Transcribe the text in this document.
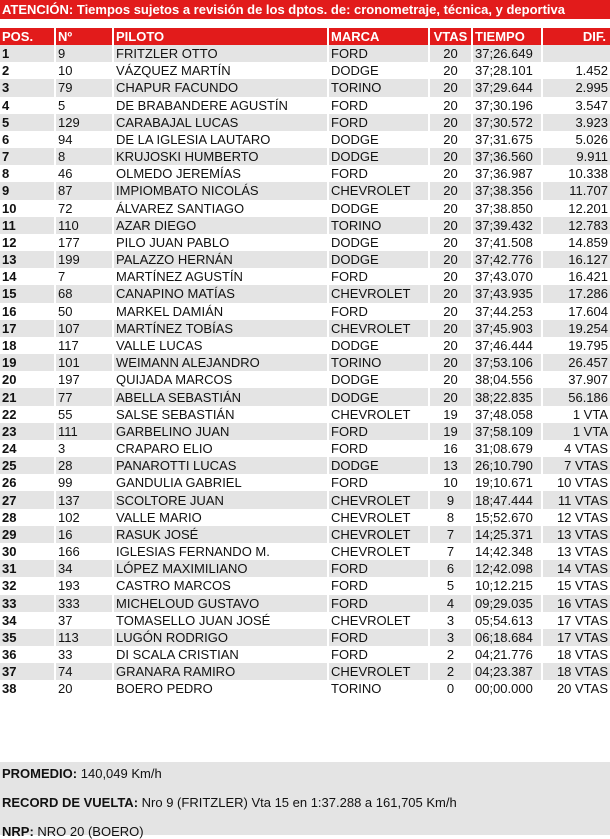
ATENCIÓN: Tiempos sujetos a revisión de los dptos. de: cronometraje, técnica, y deportiva
POS.	Nº	PILOTO	MARCA	VTAS	TIEMPO	DIF.
1	9	FRITZLER OTTO	FORD	20	37;26.649	
2	10	VÁZQUEZ MARTÍN	DODGE	20	37;28.101	1.452
3	79	CHAPUR FACUNDO	TORINO	20	37;29.644	2.995
4	5	DE BRABANDERE AGUSTÍN	FORD	20	37;30.196	3.547
5	129	CARABAJAL LUCAS	FORD	20	37;30.572	3.923
6	94	DE LA IGLESIA LAUTARO	DODGE	20	37;31.675	5.026
7	8	KRUJOSKI HUMBERTO	DODGE	20	37;36.560	9.911
8	46	OLMEDO JEREMÍAS	FORD	20	37;36.987	10.338
9	87	IMPIOMBATO NICOLÁS	CHEVROLET	20	37;38.356	11.707
10	72	ÁLVAREZ SANTIAGO	DODGE	20	37;38.850	12.201
11	110	AZAR DIEGO	TORINO	20	37;39.432	12.783
12	177	PILO JUAN PABLO	DODGE	20	37;41.508	14.859
13	199	PALAZZO HERNÁN	DODGE	20	37;42.776	16.127
14	7	MARTÍNEZ AGUSTÍN	FORD	20	37;43.070	16.421
15	68	CANAPINO MATÍAS	CHEVROLET	20	37;43.935	17.286
16	50	MARKEL DAMIÁN	FORD	20	37;44.253	17.604
17	107	MARTÍNEZ TOBÍAS	CHEVROLET	20	37;45.903	19.254
18	117	VALLE LUCAS	DODGE	20	37;46.444	19.795
19	101	WEIMANN ALEJANDRO	TORINO	20	37;53.106	26.457
20	197	QUIJADA MARCOS	DODGE	20	38;04.556	37.907
21	77	ABELLA SEBASTIÁN	DODGE	20	38;22.835	56.186
22	55	SALSE SEBASTIÁN	CHEVROLET	19	37;48.058	1 VTA
23	111	GARBELINO JUAN	FORD	19	37;58.109	1 VTA
24	3	CRAPARO ELIO	FORD	16	31;08.679	4 VTAS
25	28	PANAROTTI LUCAS	DODGE	13	26;10.790	7 VTAS
26	99	GANDULIA GABRIEL	FORD	10	19;10.671	10 VTAS
27	137	SCOLTORE JUAN	CHEVROLET	9	18;47.444	11 VTAS
28	102	VALLE MARIO	CHEVROLET	8	15;52.670	12 VTAS
29	16	RASUK JOSÉ	CHEVROLET	7	14;25.371	13 VTAS
30	166	IGLESIAS FERNANDO M.	CHEVROLET	7	14;42.348	13 VTAS
31	34	LÓPEZ MAXIMILIANO	FORD	6	12;42.098	14 VTAS
32	193	CASTRO MARCOS	FORD	5	10;12.215	15 VTAS
33	333	MICHELOUD GUSTAVO	FORD	4	09;29.035	16 VTAS
34	37	TOMASELLO JUAN JOSÉ	CHEVROLET	3	05;54.613	17 VTAS
35	113	LUGÓN RODRIGO	FORD	3	06;18.684	17 VTAS
36	33	DI SCALA CRISTIAN	FORD	2	04;21.776	18 VTAS
37	74	GRANARA RAMIRO	CHEVROLET	2	04;23.387	18 VTAS
38	20	BOERO PEDRO	TORINO	0	00;00.000	20 VTAS
PROMEDIO: 140,049 Km/h
RECORD DE VUELTA: Nro 9 (FRITZLER) Vta 15 en 1:37.288 a 161,705 Km/h
NRP: NRO 20 (BOERO)
